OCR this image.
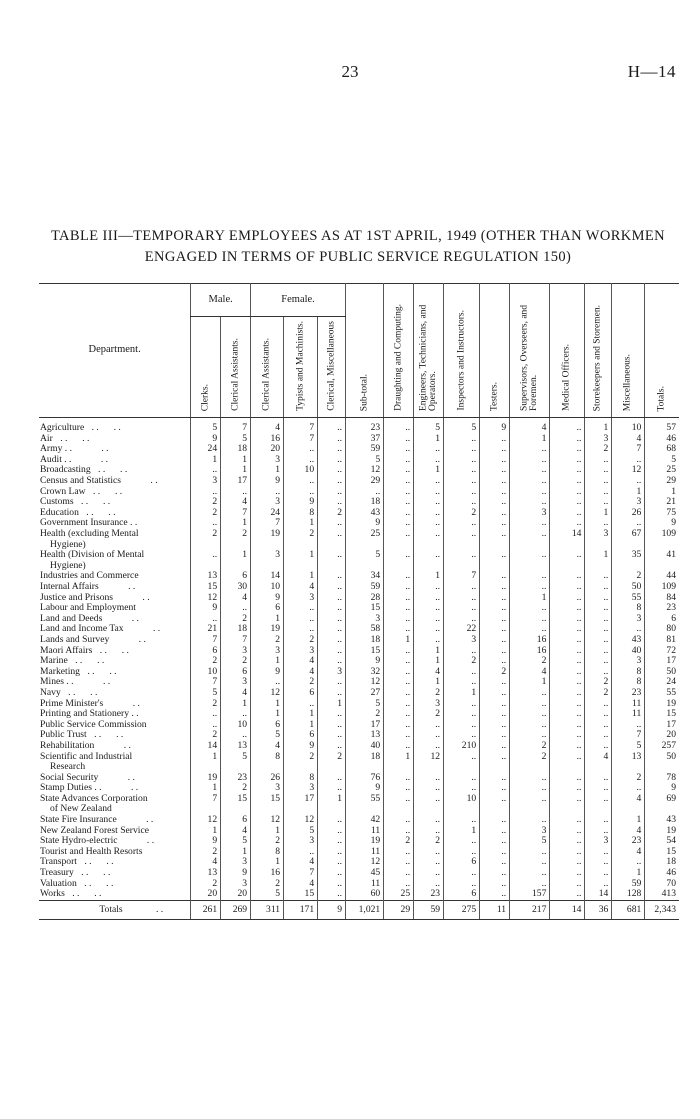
23	H—14
TABLE III—TEMPORARY EMPLOYEES AS AT 1ST APRIL, 1949 (OTHER THAN WORKMEN
ENGAGED IN TERMS OF PUBLIC SERVICE REGULATION 150)
Department.	Male.		Female.			Sub-total.	Draughting and Computing.	Engineers, Technicians, and Operators.	Inspectors and Instructors.	Testers.	Supervisors, Overseers, and Foremen.	Medical Officers.	Storekeepers and Storemen.	Miscellaneous.	Totals.

	Clerks.	Clerical Assistants.	Clerical Assistants.	Typists and Machinists.	Clerical, Miscellaneous										

Agriculture . . . .	5	7	4	7	..	23	..	5	5	9	4	..	1	10	57
Air . . . .	9	5	16	7	..	37	..	1	..	..	1	..	3	4	46
Army . . . .	24	18	20	..	..	59	..	..	..	..	..	..	2	7	68
Audit . . . .	1	1	3	..	..	5	..	..	..	..	..	..	..	..	5
Broadcasting . . . .	..	1	1	10	..	12	..	1	..	..	..	..	..	12	25
Census and Statistics . .	3	17	9	..	..	29	..	..	..	..	..	..	..	..	29
Crown Law . . . .	..	..	..	..	..	..	..	..	..	..	..	..	..	1	1
Customs . . . .	2	4	3	9	..	18	..	..	..	..	..	..	..	3	21
Education . . . .	2	7	24	8	2	43	..	..	2	..	3	..	1	26	75
Government Insurance . .	..	1	7	1	..	9	..	..	..	..	..	..	..	..	9
Health (excluding Mental	2	2	19	2	..	25	..	..	..	..	..	14	3	67	109
Hygiene)															
Health (Division of Mental	..	1	3	1	..	5	..	..	..	..	..	..	1	35	41
Hygiene)															
Industries and Commerce	13	6	14	1	..	34	..	1	7	..	..	..	..	2	44
Internal Affairs . .	15	30	10	4	..	59	..	..	..	..	..	..	..	50	109
Justice and Prisons . .	12	4	9	3	..	28	..	..	..	..	1	..	..	55	84
Labour and Employment	9	..	6	..	..	15	..	..	..	..	..	..	..	8	23
Land and Deeds . .	..	2	1	..	..	3	..	..	..	..	..	..	..	3	6
Land and Income Tax . .	21	18	19	..	..	58	..	..	22	..	..	..	..	..	80
Lands and Survey . .	7	7	2	2	..	18	1	..	3	..	16	..	..	43	81
Maori Affairs . . . .	6	3	3	3	..	15	..	1	..	..	16	..	..	40	72
Marine . . . .	2	2	1	4	..	9	..	1	2	..	2	..	..	3	17
Marketing . . . .	10	6	9	4	3	32	..	4	..	2	4	..	..	8	50
Mines . . . .	7	3	..	2	..	12	..	1	..	..	1	..	2	8	24
Navy . . . .	5	4	12	6	..	27	..	2	1	..	..	..	2	23	55
Prime Minister's . .	2	1	1	..	1	5	..	3	..	..	..	..	..	11	19
Printing and Stationery . .	..	..	1	1	..	2	..	2	..	..	..	..	..	11	15
Public Service Commission	..	10	6	1	..	17	..	..	..	..	..	..	..	..	17
Public Trust . . . .	2	..	5	6	..	13	..	..	..	..	..	..	..	7	20
Rehabilitation . .	14	13	4	9	..	40	..	..	210	..	2	..	..	5	257
Scientific and Industrial	1	5	8	2	2	18	1	12	..	..	2	..	4	13	50
Research															
Social Security . .	19	23	26	8	..	76	..	..	..	..	..	..	..	2	78
Stamp Duties . . . .	1	2	3	3	..	9	..	..	..	..	..	..	..	..	9
State Advances Corporation	7	15	15	17	1	55	..	..	10	..	..	..	..	4	69
of New Zealand															
State Fire Insurance . .	12	6	12	12	..	42	..	..	..	..	..	..	..	1	43
New Zealand Forest Service	1	4	1	5	..	11	..	..	1	..	3	..	..	4	19
State Hydro-electric . .	9	5	2	3	..	19	2	2	..	..	5	..	3	23	54
Tourist and Health Resorts	2	1	8	..	..	11	..	..	..	..	..	..	..	4	15
Transport . . . .	4	3	1	4	..	12	..	..	6	..	..	..	..	..	18
Treasury . . . .	13	9	16	7	..	45	..	..	..	..	..	..	..	1	46
Valuation . . . .	2	3	2	4	..	11	..	..	..	..	..	..	..	59	70
Works . . . .	20	20	5	15	..	60	25	23	6	..	157	..	14	128	413
Totals . .	261	269	311	171	9	1,021	29	59	275	11	217	14	36	681	2,343
